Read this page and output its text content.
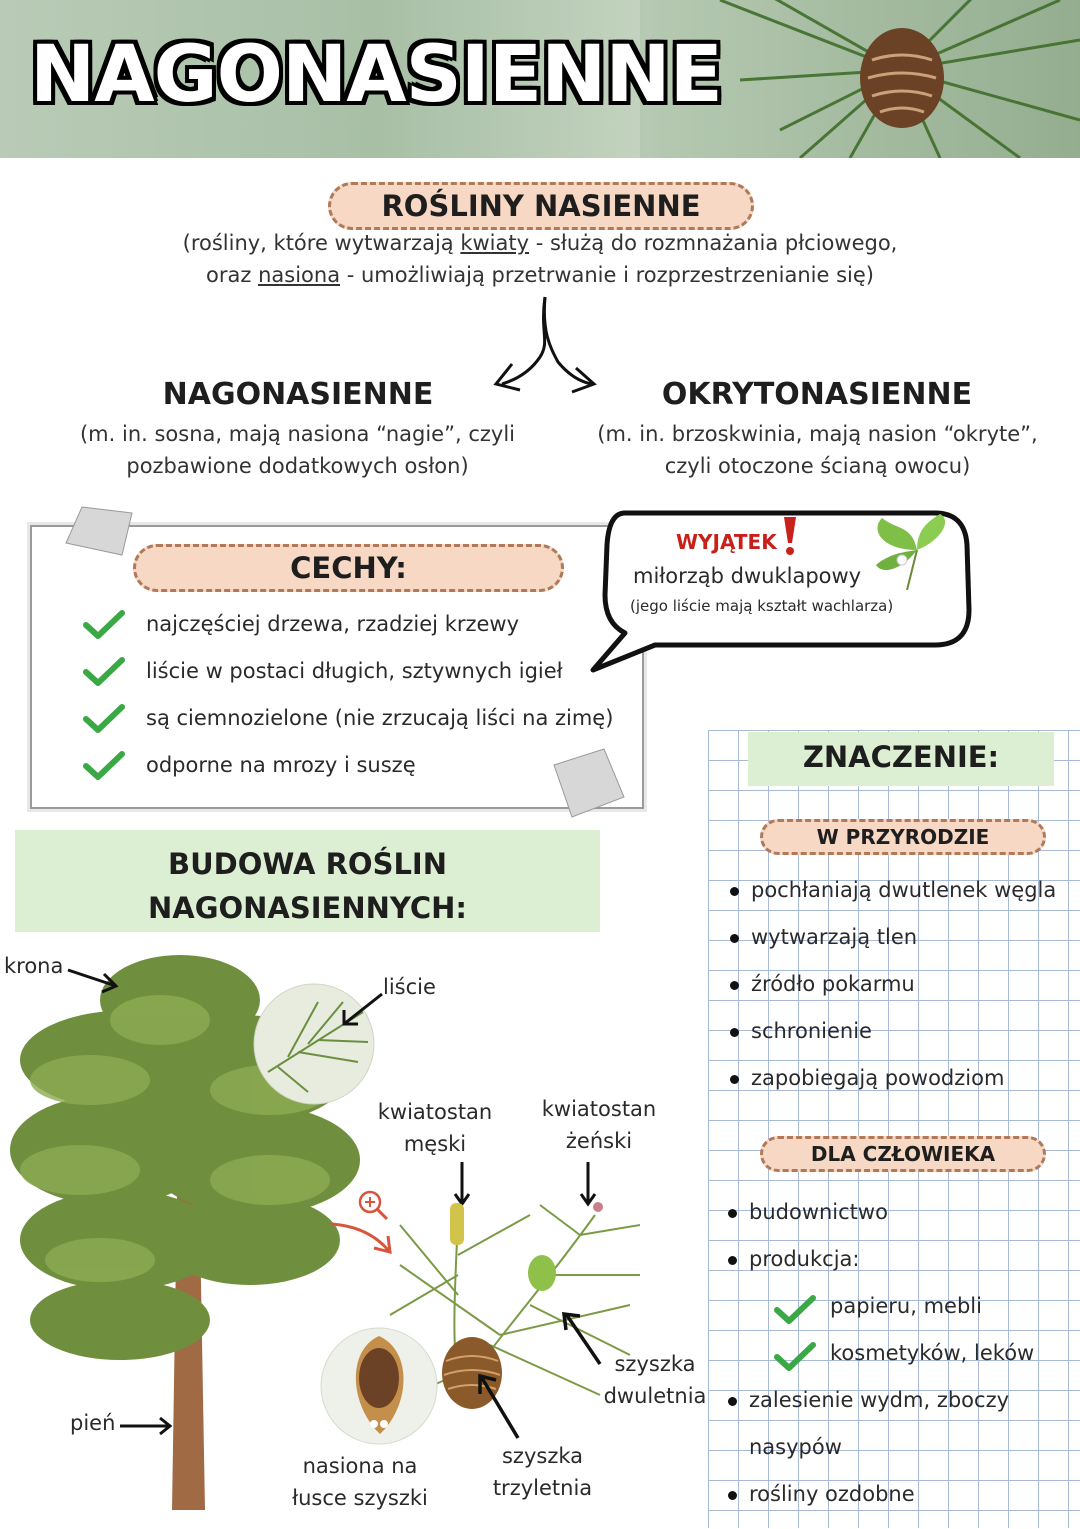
NAGONASIENNE
ROŚLINY NASIENNE
(rośliny, które wytwarzają kwiaty - służą do rozmnażania płciowego,
oraz nasiona - umożliwiają przetrwanie i rozprzestrzenianie się)
NAGONASIENNE
(m. in. sosna, mają nasiona “nagie”, czyli
pozbawione dodatkowych osłon)
OKRYTONASIENNE
(m. in. brzoskwinia, mają nasion “okryte”,
czyli otoczone ścianą owocu)
CECHY:
najczęściej drzewa, rzadziej krzewy
liście w postaci długich, sztywnych igieł
są ciemnozielone (nie zrzucają liści na zimę)
odporne na mrozy i suszę
WYJĄTEK
miłorząb dwuklapowy
(jego liście mają kształt wachlarza)
BUDOWA ROŚLIN
NAGONASIENNYCH:
krona
liście
pień
kwiatostan
męski
kwiatostan
żeński
szyszka
dwuletnia
szyszka
trzyletnia
nasiona na
łusce szyszki
ZNACZENIE:
W PRZYRODZIE
pochłaniają dwutlenek węgla
wytwarzają tlen
źródło pokarmu
schronienie
zapobiegają powodziom
DLA CZŁOWIEKA
budownictwo
produkcja:
papieru, mebli
kosmetyków, leków
zalesienie wydm, zboczy
nasypów
rośliny ozdobne
